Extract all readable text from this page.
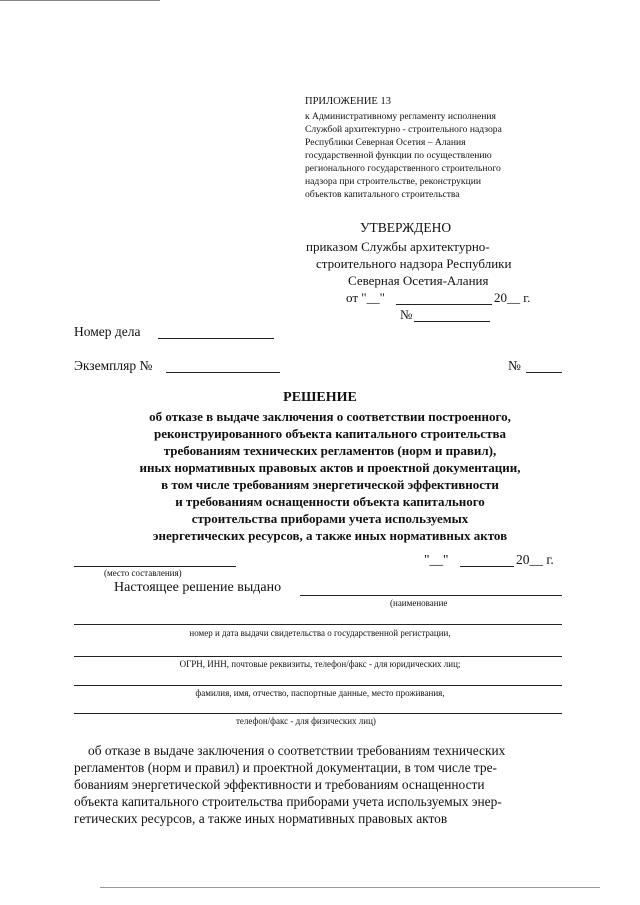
ПРИЛОЖЕНИЕ 13
к Административному регламенту исполнения
Службой архитектурно - строительного надзора
Республики Северная Осетия – Алания
государственной функции по осуществлению
регионального государственного строительного
надзора при строительстве, реконструкции
объектов капитального строительства
УТВЕРЖДЕНО
приказом Службы архитектурно-
строительного надзора Республики
Северная Осетия-Алания
от "__"	20__ г.
№
Номер дела
Экземпляр №	№
РЕШЕНИЕ
об отказе в выдаче заключения о соответствии построенного,
реконструированного объекта капитального строительства
требованиям технических регламентов (норм и правил),
иных нормативных правовых актов и проектной документации,
в том числе требованиям энергетической эффективности
и требованиям оснащенности объекта капитального
строительства приборами учета используемых
энергетических ресурсов, а также иных нормативных актов
(место составления)
"__"	20__ г.
Настоящее решение выдано
(наименование
номер и дата выдачи свидетельства о государственной регистрации,
ОГРН, ИНН, почтовые реквизиты, телефон/факс - для юридических лиц;
фамилия, имя, отчество, паспортные данные, место проживания,
телефон/факс - для физических лиц)
об отказе в выдаче заключения о соответствии требованиям технических
регламентов (норм и правил) и проектной документации, в том числе тре-
бованиям энергетической эффективности и требованиям оснащенности
объекта капитального строительства приборами учета используемых энер-
гетических ресурсов, а также иных нормативных правовых актов
